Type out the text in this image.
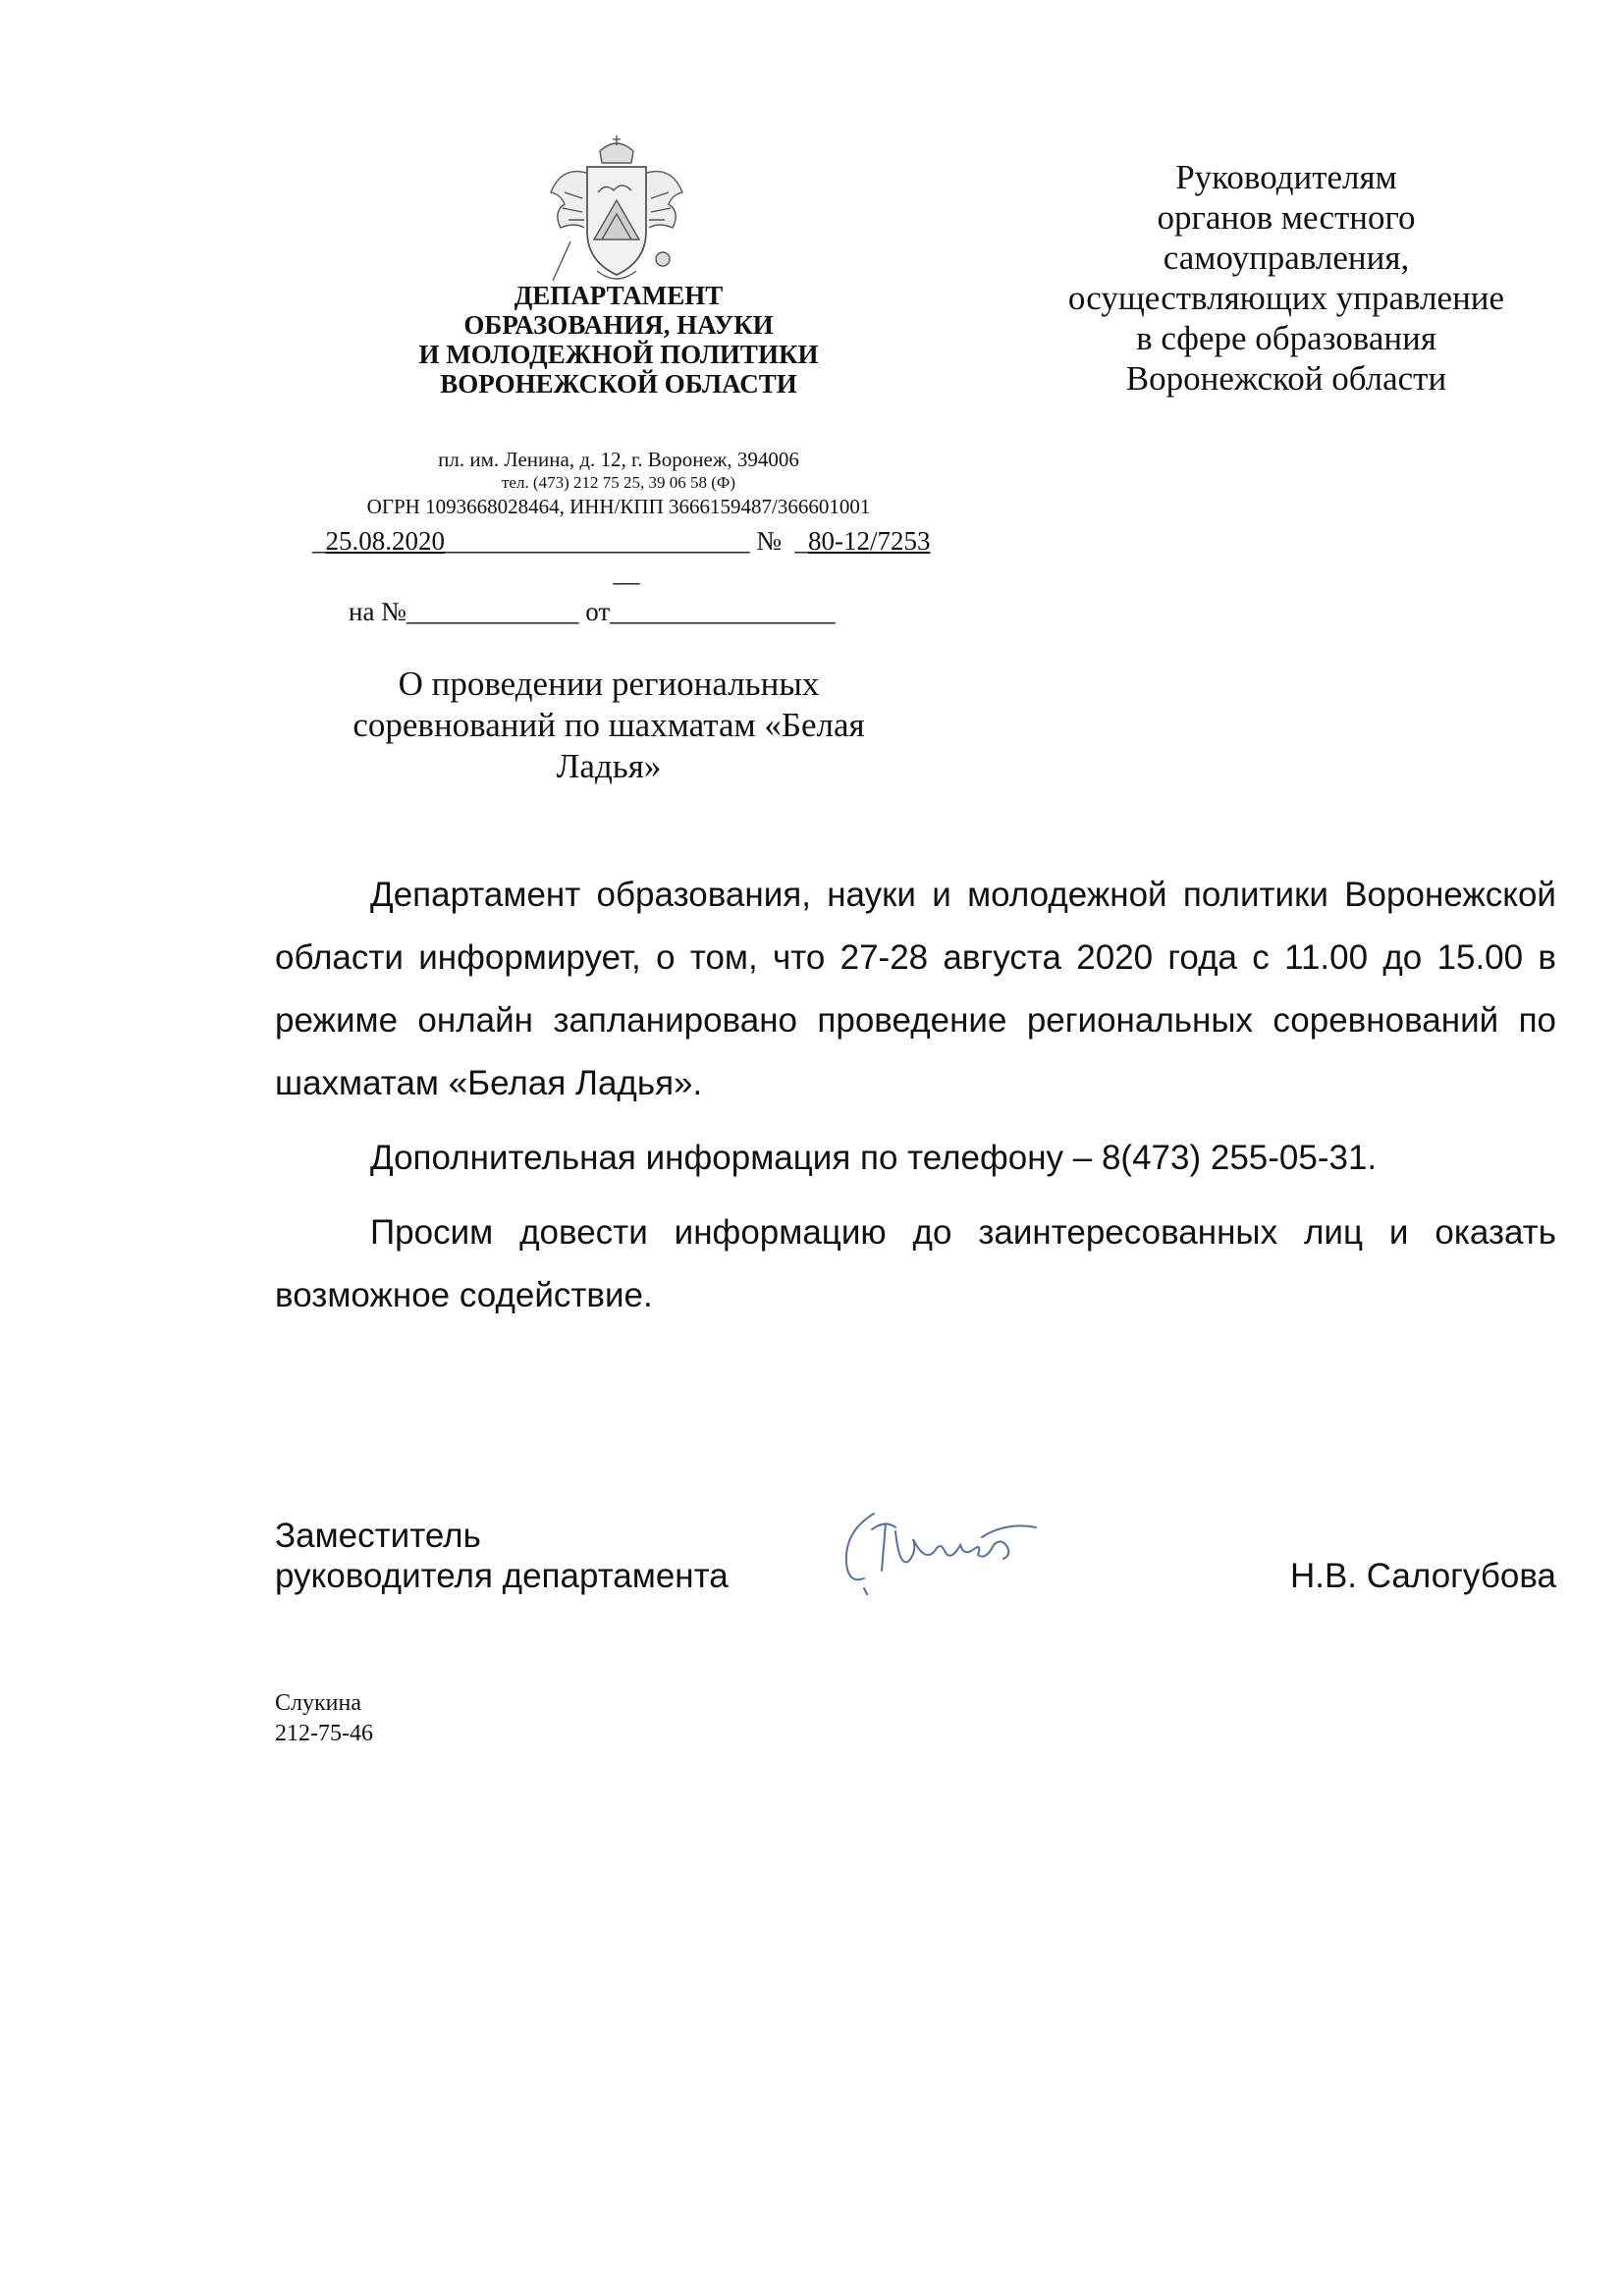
ДЕПАРТАМЕНТ
ОБРАЗОВАНИЯ, НАУКИ
И МОЛОДЕЖНОЙ ПОЛИТИКИ
ВОРОНЕЖСКОЙ ОБЛАСТИ
пл. им. Ленина, д. 12, г. Воронеж, 394006
тел. (473) 212 75 25, 39 06 58 (Ф)
ОГРН 1093668028464, ИНН/КПП 3666159487/366601001
_25.08.2020_______________________ №  _80-12/7253
__
на №_____________ от_________________
Руководителям
органов местного
самоуправления,
осуществляющих управление
в сфере образования
Воронежской области
О проведении региональных
соревнований по шахматам «Белая
Ладья»

Департамент образования, науки и молодежной политики Воронежской области информирует, о том, что 27-28 августа 2020 года с 11.00 до 15.00 в режиме онлайн запланировано проведение региональных соревнований по шахматам «Белая Ладья».

Дополнительная информация по телефону – 8(473) 255-05-31.

Просим довести информацию до заинтересованных лиц и оказать возможное содействие.

Заместитель
руководителя департамента	Н.В. Салогубова
Слукина
212-75-46
